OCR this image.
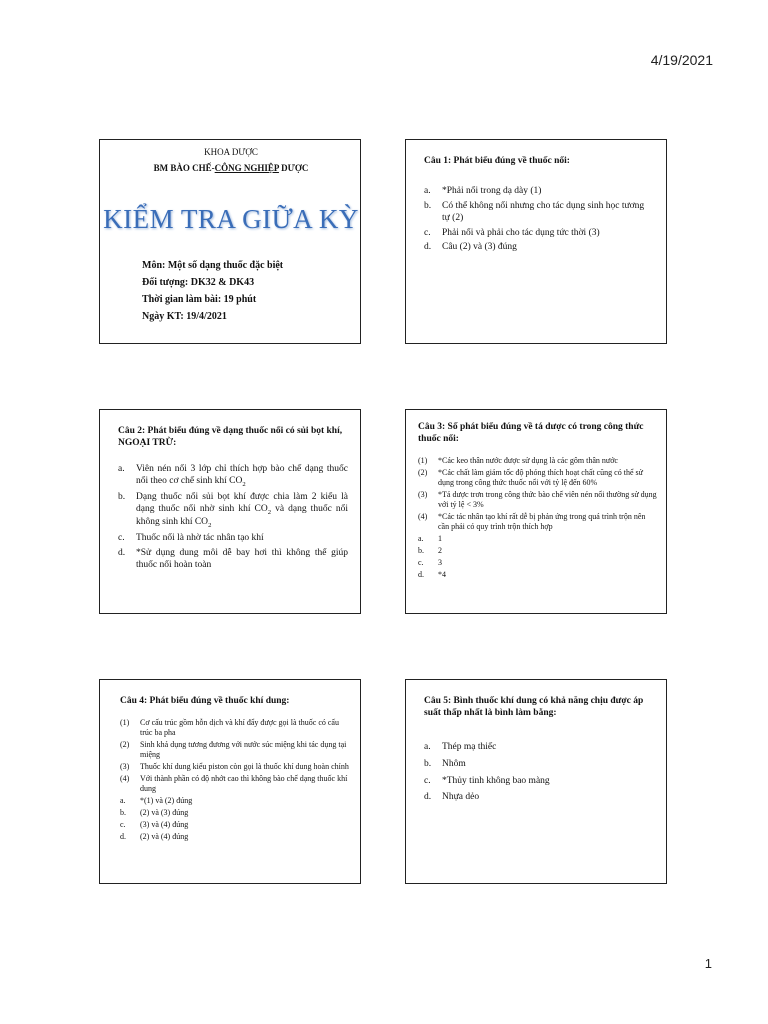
4/19/2021
KHOA DƯỢC
BM BÀO CHẾ-CÔNG NGHIỆP DƯỢC
KIỂM TRA GIỮA KỲ
Môn: Một số dạng thuốc đặc biệt
Đối tượng: DK32 & DK43
Thời gian làm bài: 19 phút
Ngày KT: 19/4/2021
Câu 1: Phát biểu đúng về thuốc nổi:
a.	*Phải nổi trong dạ dày (1)
b.	Có thể không nổi nhưng cho tác dụng sinh học tương tự (2)
c.	Phải nổi và phải cho tác dụng tức thời (3)
d.	Câu (2) và (3) đúng
Câu 2: Phát biểu đúng về dạng thuốc nổi có sủi bọt khí, NGOẠI TRỪ:
a.	Viên nén nổi 3 lớp chỉ thích hợp bào chế dạng thuốc nổi theo cơ chế sinh khí $CO_2$
b.	Dạng thuốc nổi sủi bọt khí được chia làm 2 kiểu là dạng thuốc nổi nhờ sinh khí $CO_2$ và dạng thuốc nổi không sinh khí $CO_2$
c.	Thuốc nổi là nhờ tác nhân tạo khí
d.	*Sử dụng dung môi dễ bay hơi thì không thể giúp thuốc nổi hoàn toàn
Câu 3: Số phát biểu đúng về tá dược có trong công thức thuốc nổi:
(1)	*Các keo thân nước được sử dụng là các gôm thân nước
(2)	*Các chất làm giảm tốc độ phóng thích hoạt chất cũng có thể sử dụng trong công thức thuốc nổi với tỷ lệ đến 60%
(3)	*Tá dược trơn trong công thức bào chế viên nén nổi thường sử dụng với tỷ lệ < 3%
(4)	*Các tác nhân tạo khí rất dễ bị phản ứng trong quá trình trộn nên cần phải có quy trình trộn thích hợp
a.	1
b.	2
c.	3
d.	*4
Câu 4: Phát biểu đúng về thuốc khí dung:
(1)	Cơ cấu trúc gồm hỗn dịch và khí đẩy được gọi là thuốc có cấu trúc ba pha
(2)	Sinh khả dụng tương đương với nước súc miệng khi tác dụng tại miệng
(3)	Thuốc khí dung kiểu piston còn gọi là thuốc khí dung hoàn chỉnh
(4)	Với thành phần có độ nhớt cao thì không bào chế dạng thuốc khí dung
a.	*(1) và (2) đúng
b.	(2) và (3) đúng
c.	(3) và (4) đúng
d.	(2) và (4) đúng
Câu 5: Bình thuốc khí dung có khả năng chịu được áp suất thấp nhất là bình làm bằng:
a.	Thép mạ thiếc
b.	Nhôm
c.	*Thủy tinh không bao màng
d.	Nhựa dẻo
1
